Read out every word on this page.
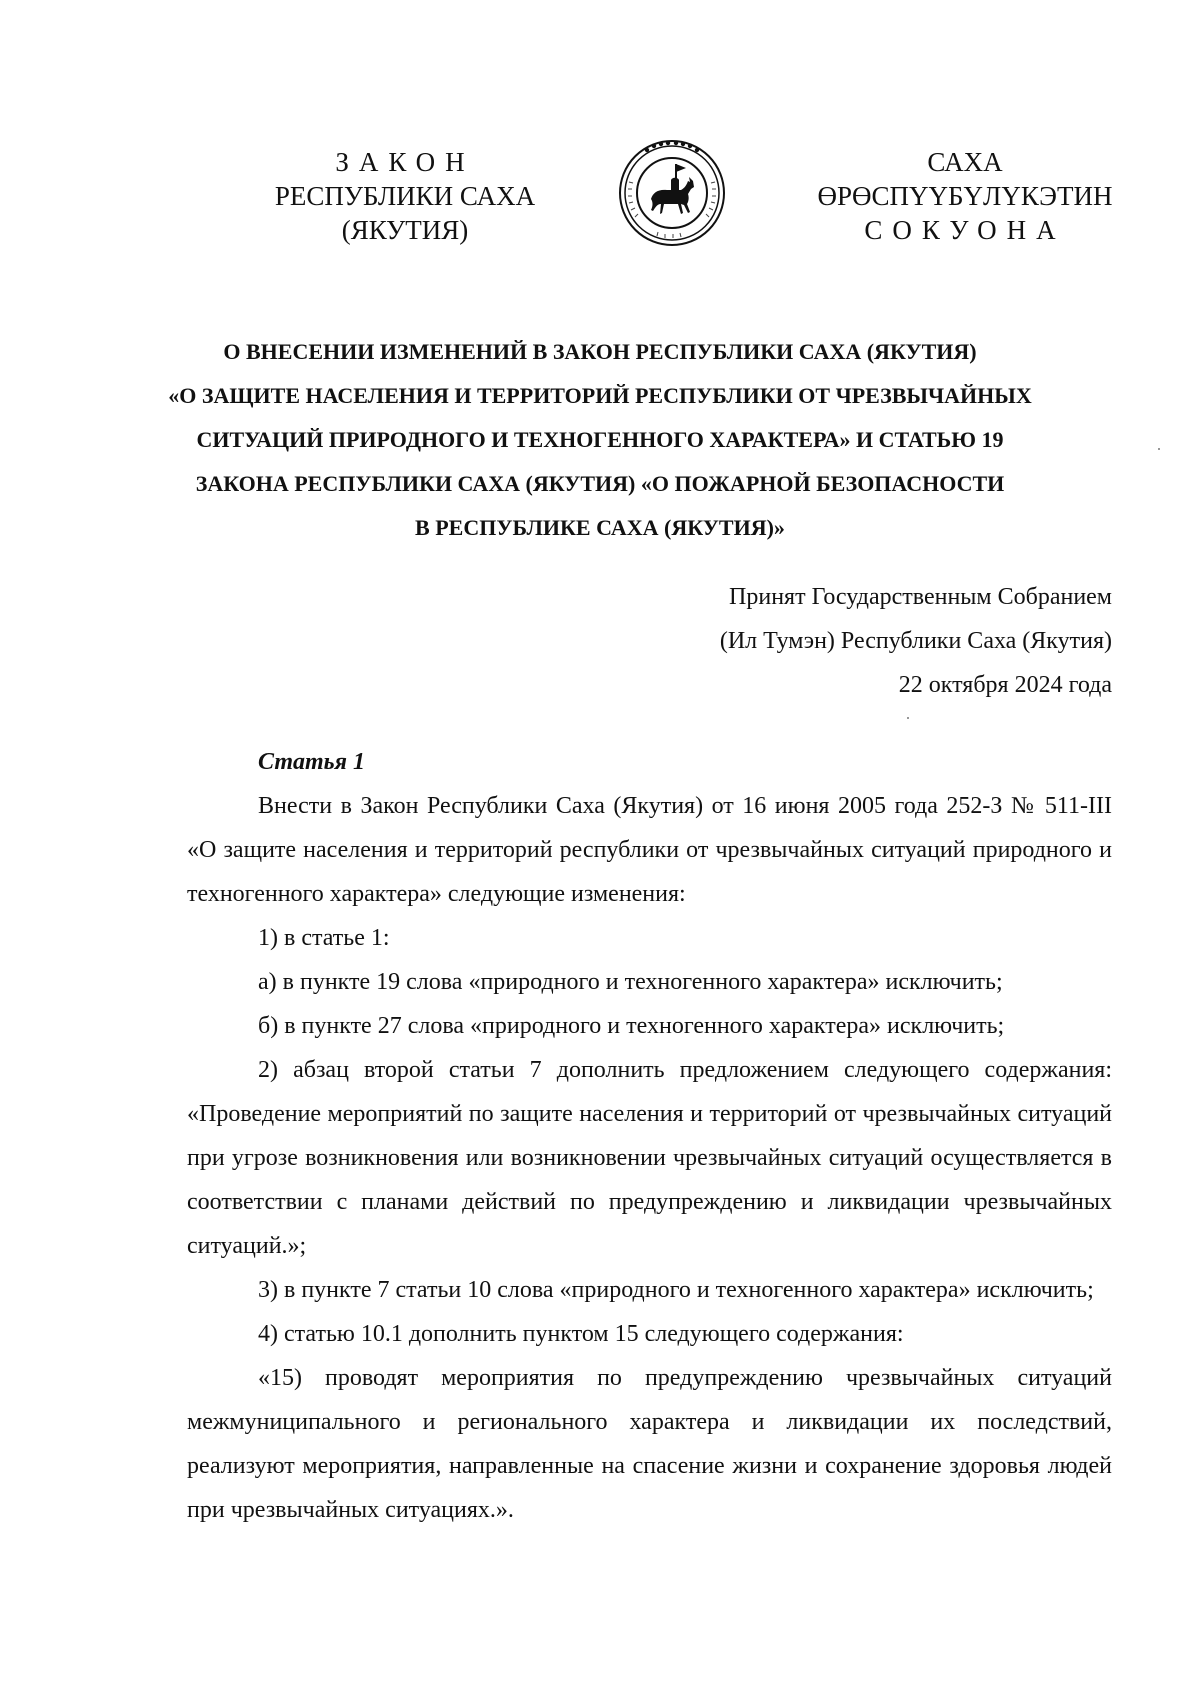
ЗАКОН
РЕСПУБЛИКИ САХА (ЯКУТИЯ)
САХА ӨРӨСПҮҮБҮЛҮКЭТИН
СОКУОНА
О ВНЕСЕНИИ ИЗМЕНЕНИЙ В ЗАКОН РЕСПУБЛИКИ САХА (ЯКУТИЯ)
«О ЗАЩИТЕ НАСЕЛЕНИЯ И ТЕРРИТОРИЙ РЕСПУБЛИКИ ОТ ЧРЕЗВЫЧАЙНЫХ
СИТУАЦИЙ ПРИРОДНОГО И ТЕХНОГЕННОГО ХАРАКТЕРА» И СТАТЬЮ 19
ЗАКОНА РЕСПУБЛИКИ САХА (ЯКУТИЯ) «О ПОЖАРНОЙ БЕЗОПАСНОСТИ
В РЕСПУБЛИКЕ САХА (ЯКУТИЯ)»
Принят Государственным Собранием
(Ил Тумэн) Республики Саха (Якутия)
22 октября 2024 года
Статья 1

Внести в Закон Республики Саха (Якутия) от 16 июня 2005 года 252-З № 511-III «О защите населения и территорий республики от чрезвычайных ситуаций природного и техногенного характера» следующие изменения:

1) в статье 1:

а) в пункте 19 слова «природного и техногенного характера» исключить;

б) в пункте 27 слова «природного и техногенного характера» исключить;

2) абзац второй статьи 7 дополнить предложением следующего содержания: «Проведение мероприятий по защите населения и территорий от чрезвычайных ситуаций при угрозе возникновения или возникновении чрезвычайных ситуаций осуществляется в соответствии с планами действий по предупреждению и ликвидации чрезвычайных ситуаций.»;

3) в пункте 7 статьи 10 слова «природного и техногенного характера» исключить;

4) статью 10.1 дополнить пунктом 15 следующего содержания:

«15) проводят мероприятия по предупреждению чрезвычайных ситуаций межмуниципального и регионального характера и ликвидации их последствий, реализуют мероприятия, направленные на спасение жизни и сохранение здоровья людей при чрезвычайных ситуациях.».
